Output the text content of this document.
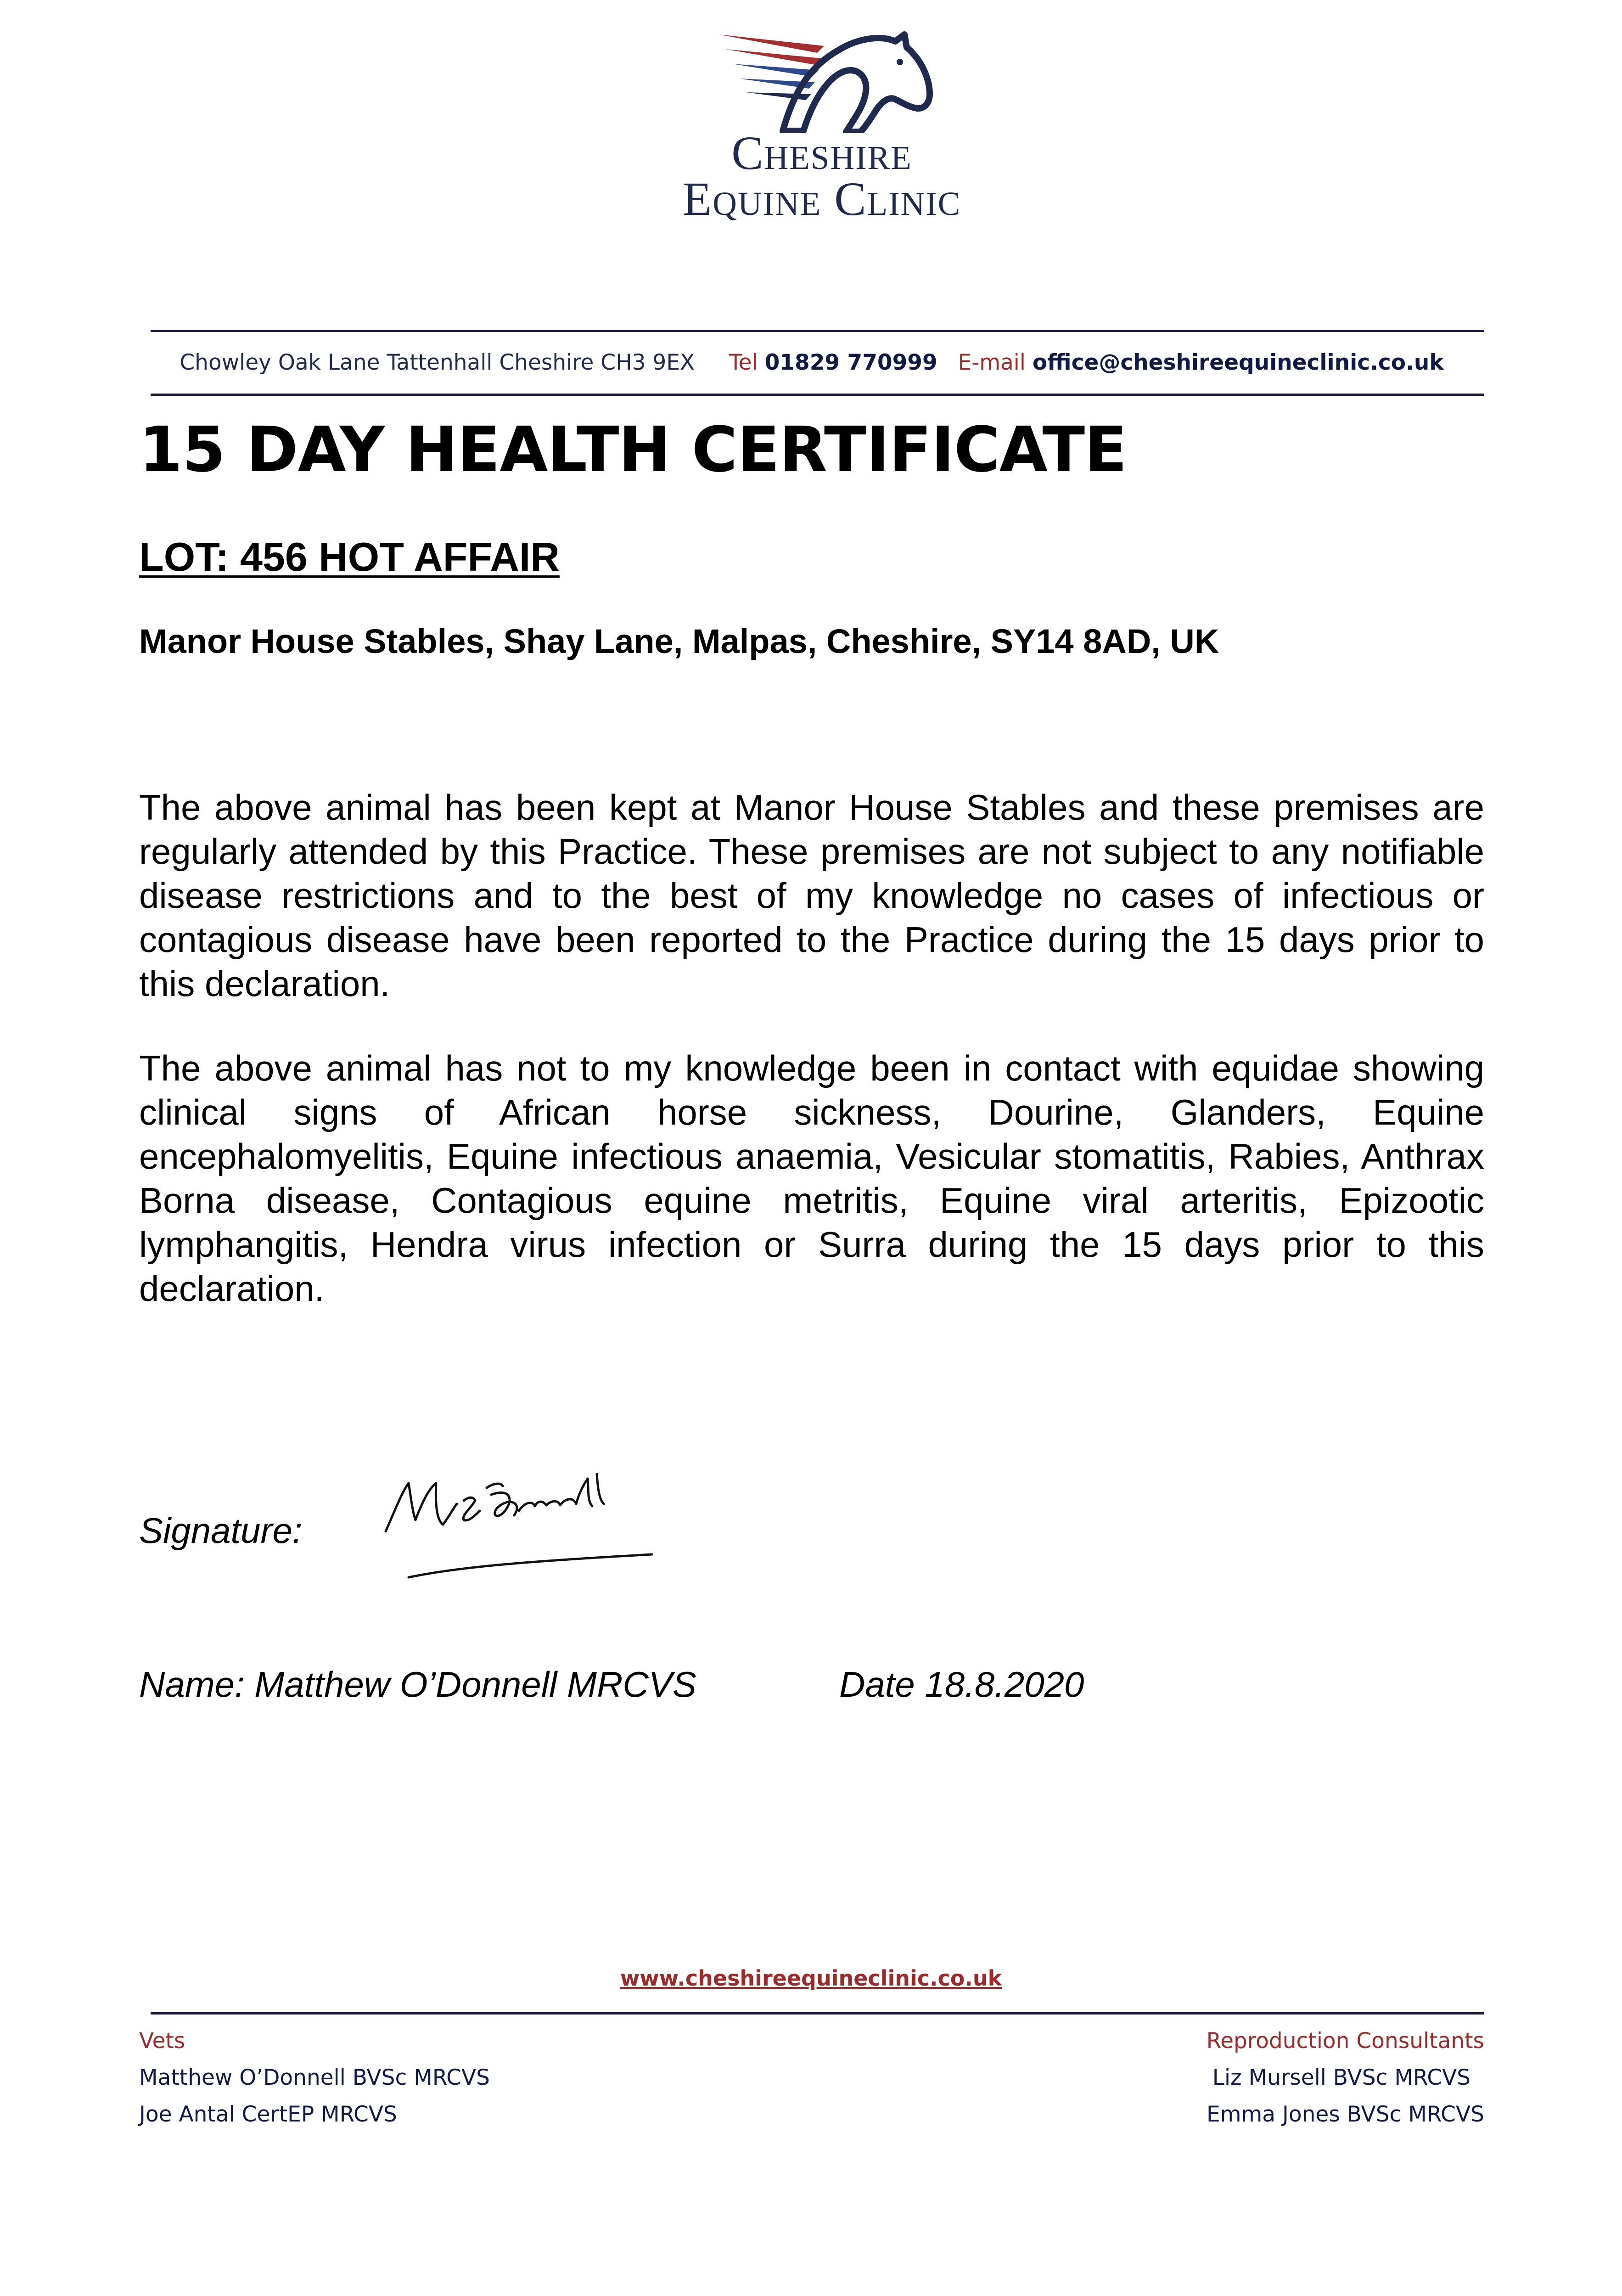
Cheshire
Equine Clinic
Chowley Oak Lane Tattenhall Cheshire CH3 9EX Tel 01829 770999 E-mail office@cheshireequineclinic.co.uk
15 DAY HEALTH CERTIFICATE
LOT: 456 HOT AFFAIR
Manor House Stables, Shay Lane, Malpas, Cheshire, SY14 8AD, UK

The above animal has been kept at Manor House Stables and these premises are regularly attended by this Practice. These premises are not subject to any notifiable disease restrictions and to the best of my knowledge no cases of infectious or contagious disease have been reported to the Practice during the 15 days prior to this declaration.

The above animal has not to my knowledge been in contact with equidae showing clinical signs of African horse sickness, Dourine, Glanders, Equine encephalomyelitis, Equine infectious anaemia, Vesicular stomatitis, Rabies, Anthrax Borna disease, Contagious equine metritis, Equine viral arteritis, Epizootic lymphangitis, Hendra virus infection or Surra during the 15 days prior to this declaration.

Signature:
Name: Matthew O’Donnell MRCVS	Date 18.8.2020
www.cheshireequineclinic.co.uk
Vets
Matthew O’Donnell BVSc MRCVS
Joe Antal CertEP MRCVS
Reproduction Consultants
Liz Mursell BVSc MRCVS
Emma Jones BVSc MRCVS
